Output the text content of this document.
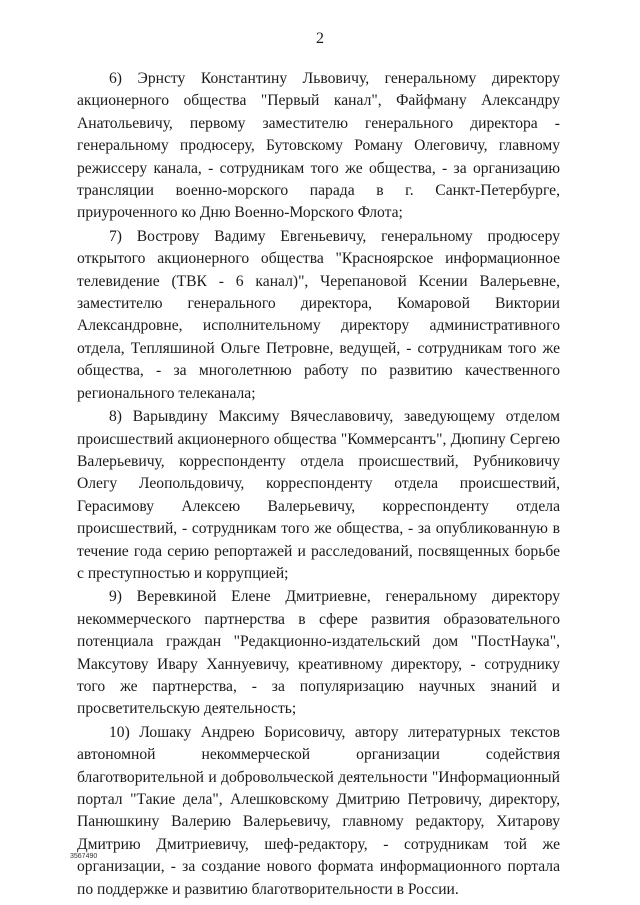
2

6) Эрнсту Константину Львовичу, генеральному директору акционерного общества "Первый канал", Файфману Александру Анатольевичу, первому заместителю генерального директора - генеральному продюсеру, Бутовскому Роману Олеговичу, главному режиссеру канала, - сотрудникам того же общества, - за организацию трансляции военно-морского парада в г. Санкт-Петербурге, приуроченного ко Дню Военно-Морского Флота;

7) Вострову Вадиму Евгеньевичу, генеральному продюсеру открытого акционерного общества "Красноярское информационное телевидение (ТВК - 6 канал)", Черепановой Ксении Валерьевне, заместителю генерального директора, Комаровой Виктории Александровне, исполнительному директору административного отдела, Тепляшиной Ольге Петровне, ведущей, - сотрудникам того же общества, - за многолетнюю работу по развитию качественного регионального телеканала;

8) Варывдину Максиму Вячеславовичу, заведующему отделом происшествий акционерного общества "Коммерсантъ", Дюпину Сергею Валерьевичу, корреспонденту отдела происшествий, Рубниковичу Олегу Леопольдовичу, корреспонденту отдела происшествий, Герасимову Алексею Валерьевичу, корреспонденту отдела происшествий, - сотрудникам того же общества, - за опубликованную в течение года серию репортажей и расследований, посвященных борьбе с преступностью и коррупцией;

9) Веревкиной Елене Дмитриевне, генеральному директору некоммерческого партнерства в сфере развития образовательного потенциала граждан "Редакционно-издательский дом "ПостНаука", Максутову Ивару Ханнуевичу, креативному директору, - сотруднику того же партнерства, - за популяризацию научных знаний и просветительскую деятельность;

10) Лошаку Андрею Борисовичу, автору литературных текстов автономной некоммерческой организации содействия благотворительной и добровольческой деятельности "Информационный портал "Такие дела", Алешковскому Дмитрию Петровичу, директору, Панюшкину Валерию Валерьевичу, главному редактору, Хитарову Дмитрию Дмитриевичу, шеф-редактору, - сотрудникам той же организации, - за создание нового формата информационного портала по поддержке и развитию благотворительности в России.

3567490
